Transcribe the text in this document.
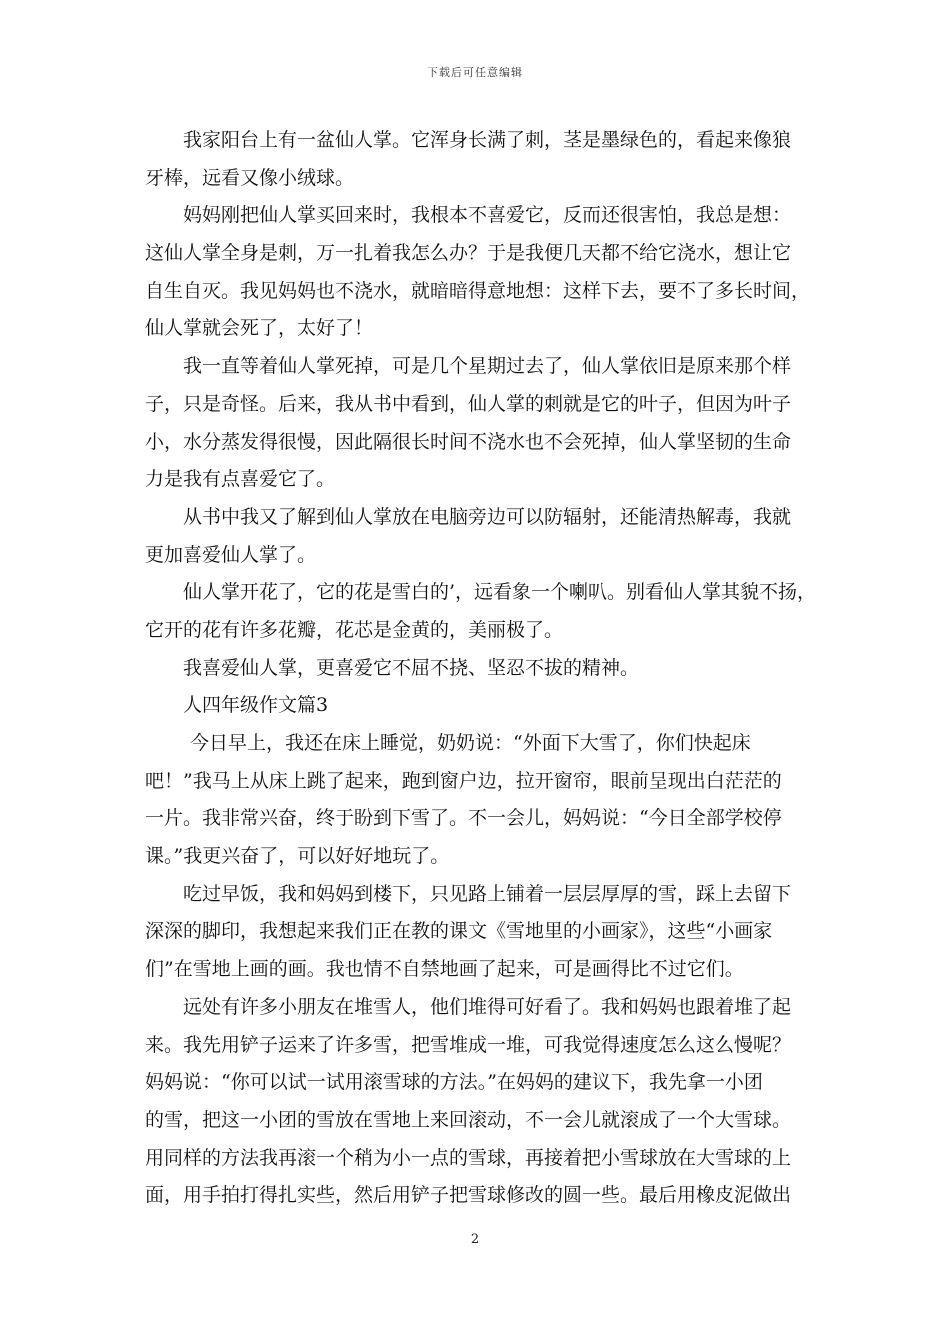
下载后可任意编辑
我家阳台上有一盆仙人掌。它浑身长满了刺，茎是墨绿色的，看起来像狼
牙棒，远看又像小绒球。
妈妈刚把仙人掌买回来时，我根本不喜爱它，反而还很害怕，我总是想：
这仙人掌全身是刺，万一扎着我怎么办？于是我便几天都不给它浇水，想让它
自生自灭。我见妈妈也不浇水，就暗暗得意地想：这样下去，要不了多长时间，
仙人掌就会死了，太好了！
我一直等着仙人掌死掉，可是几个星期过去了，仙人掌依旧是原来那个样
子，只是奇怪。后来，我从书中看到，仙人掌的刺就是它的叶子，但因为叶子
小，水分蒸发得很慢，因此隔很长时间不浇水也不会死掉，仙人掌坚韧的生命
力是我有点喜爱它了。
从书中我又了解到仙人掌放在电脑旁边可以防辐射，还能清热解毒，我就
更加喜爱仙人掌了。
仙人掌开花了，它的花是雪白的’，远看象一个喇叭。别看仙人掌其貌不扬，
它开的花有许多花瓣，花芯是金黄的，美丽极了。
我喜爱仙人掌，更喜爱它不屈不挠、坚忍不拔的精神。
人四年级作文篇3
今日早上，我还在床上睡觉，奶奶说：“外面下大雪了，你们快起床
吧！”我马上从床上跳了起来，跑到窗户边，拉开窗帘，眼前呈现出白茫茫的
一片。我非常兴奋，终于盼到下雪了。不一会儿，妈妈说：“今日全部学校停
课。”我更兴奋了，可以好好地玩了。
吃过早饭，我和妈妈到楼下，只见路上铺着一层层厚厚的雪，踩上去留下
深深的脚印，我想起来我们正在教的课文《雪地里的小画家》，这些“小画家
们”在雪地上画的画。我也情不自禁地画了起来，可是画得比不过它们。
远处有许多小朋友在堆雪人，他们堆得可好看了。我和妈妈也跟着堆了起
来。我先用铲子运来了许多雪，把雪堆成一堆，可我觉得速度怎么这么慢呢？
妈妈说：“你可以试一试用滚雪球的方法。”在妈妈的建议下，我先拿一小团
的雪，把这一小团的雪放在雪地上来回滚动，不一会儿就滚成了一个大雪球。
用同样的方法我再滚一个稍为小一点的雪球，再接着把小雪球放在大雪球的上
面，用手拍打得扎实些，然后用铲子把雪球修改的圆一些。最后用橡皮泥做出
2
